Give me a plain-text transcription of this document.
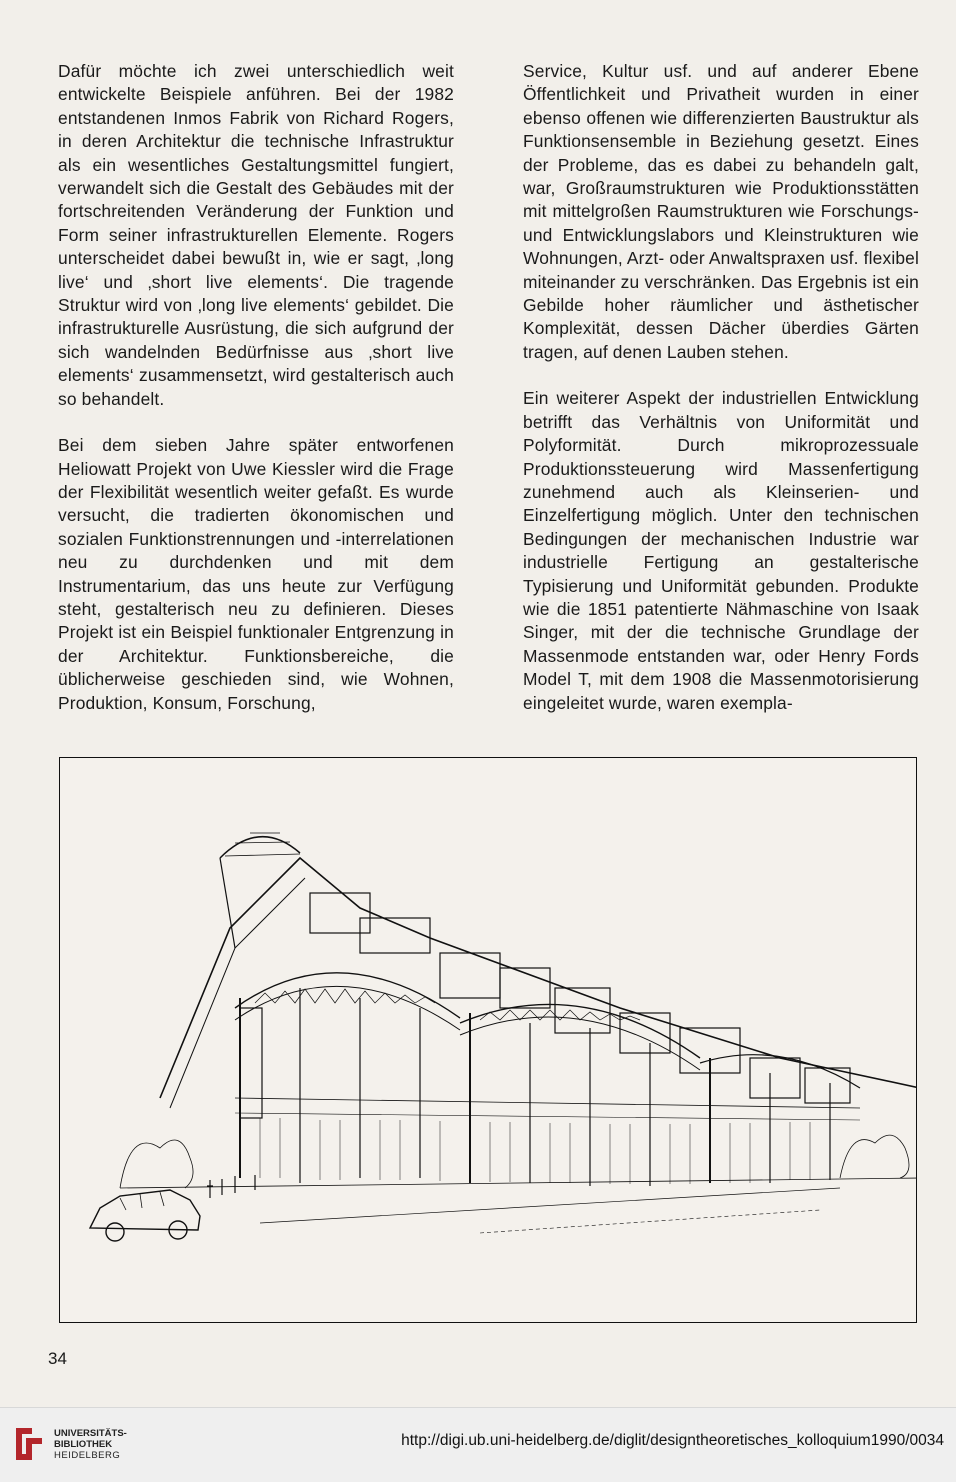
Dafür möchte ich zwei unterschiedlich weit entwickelte Beispiele anführen. Bei der 1982 entstandenen Inmos Fabrik von Richard Rogers, in deren Architektur die technische Infrastruktur als ein wesentliches Gestaltungsmittel fungiert, verwandelt sich die Gestalt des Gebäudes mit der fortschreitenden Veränderung der Funktion und Form seiner infrastrukturellen Elemente. Rogers unterscheidet dabei bewußt in, wie er sagt, ‚long live‘ und ‚short live elements‘. Die tragende Struktur wird von ‚long live elements‘ gebildet. Die infrastrukturelle Ausrüstung, die sich aufgrund der sich wandelnden Bedürfnisse aus ‚short live elements‘ zusammensetzt, wird gestalterisch auch so behandelt.

Bei dem sieben Jahre später entworfenen Heliowatt Projekt von Uwe Kiessler wird die Frage der Flexibilität wesentlich weiter gefaßt. Es wurde versucht, die tradierten ökonomischen und sozialen Funktionstrennungen und -interrelationen neu zu durchdenken und mit dem Instrumentarium, das uns heute zur Verfügung steht, gestalterisch neu zu definieren. Dieses Projekt ist ein Beispiel funktionaler Entgrenzung in der Architektur. Funktionsbereiche, die üblicherweise geschieden sind, wie Wohnen, Produktion, Konsum, Forschung,

Service, Kultur usf. und auf anderer Ebene Öffentlichkeit und Privatheit wurden in einer ebenso offenen wie differenzierten Baustruktur als Funktionsensemble in Beziehung gesetzt. Eines der Probleme, das es dabei zu behandeln galt, war, Großraumstrukturen wie Produktionsstätten mit mittelgroßen Raumstrukturen wie Forschungs- und Entwicklungslabors und Kleinstrukturen wie Wohnungen, Arzt- oder Anwaltspraxen usf. flexibel miteinander zu verschränken. Das Ergebnis ist ein Gebilde hoher räumlicher und ästhetischer Komplexität, dessen Dächer überdies Gärten tragen, auf denen Lauben stehen.

Ein weiterer Aspekt der industriellen Entwicklung betrifft das Verhältnis von Uniformität und Polyformität. Durch mikroprozessuale Produktionssteuerung wird Massenfertigung zunehmend auch als Kleinserien- und Einzelfertigung möglich. Unter den technischen Bedingungen der mechanischen Industrie war industrielle Fertigung an gestalterische Typisierung und Uniformität gebunden. Produkte wie die 1851 patentierte Nähmaschine von Isaak Singer, mit der die technische Grundlage der Massenmode entstanden war, oder Henry Fords Model T, mit dem 1908 die Massenmotorisierung eingeleitet wurde, waren exempla-

34
UNIVERSITÄTS-
BIBLIOTHEK
HEIDELBERG
http://digi.ub.uni-heidelberg.de/diglit/designtheoretisches_kolloquium1990/0034
